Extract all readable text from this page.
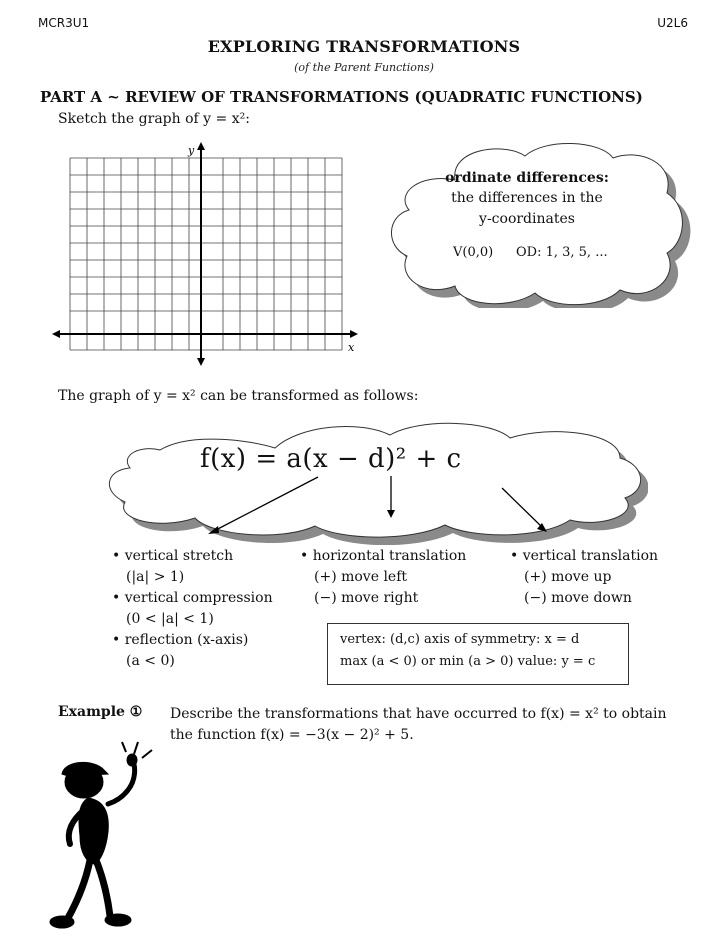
MCR3U1	U2L6
EXPLORING TRANSFORMATIONS
(of the Parent Functions)
PART A ~ REVIEW OF TRANSFORMATIONS (QUADRATIC FUNCTIONS)
Sketch the graph of y = x²:
y
x
ordinate differences:
the differences in the
y-coordinates
V(0,0) OD: 1, 3, 5, ...
The graph of y = x² can be transformed as follows:
f(x) = a(x − d)² + c
• vertical stretch
(|a| > 1)
• vertical compression
(0 < |a| < 1)
• reflection (x-axis)
(a < 0)
• horizontal translation
(+) move left
(−) move right
• vertical translation
(+) move up
(−) move down
vertex: (d,c) axis of symmetry: x = d
max (a < 0) or min (a > 0) value: y = c
Example ① Describe the transformations that have occurred to f(x) = x² to obtain
the function f(x) = −3(x − 2)² + 5.
